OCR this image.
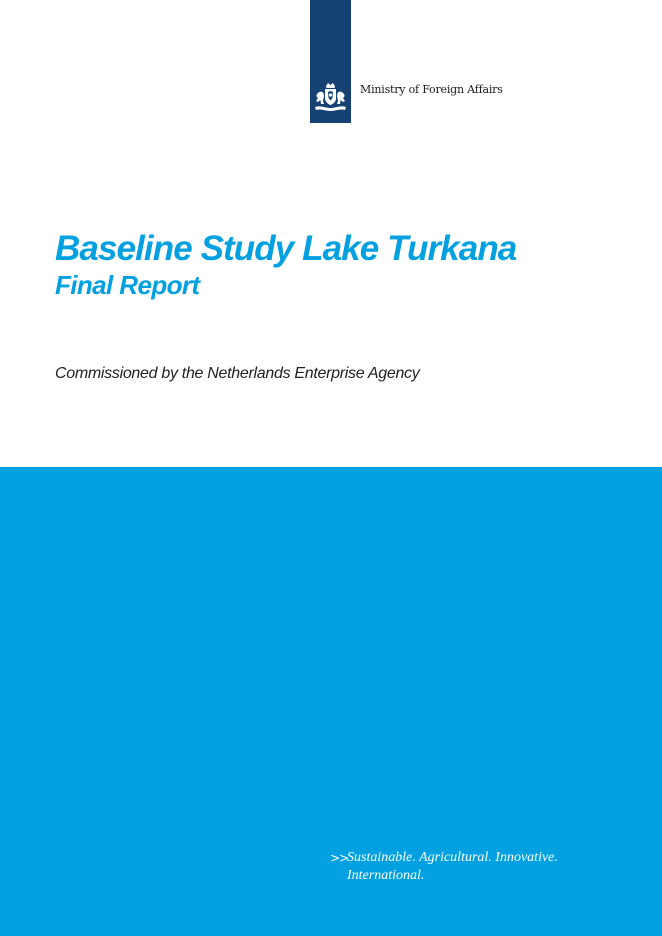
Ministry of Foreign Affairs
Baseline Study Lake Turkana
Final Report
Commissioned by the Netherlands Enterprise Agency
>>
Sustainable. Agricultural. Innovative.
International.
